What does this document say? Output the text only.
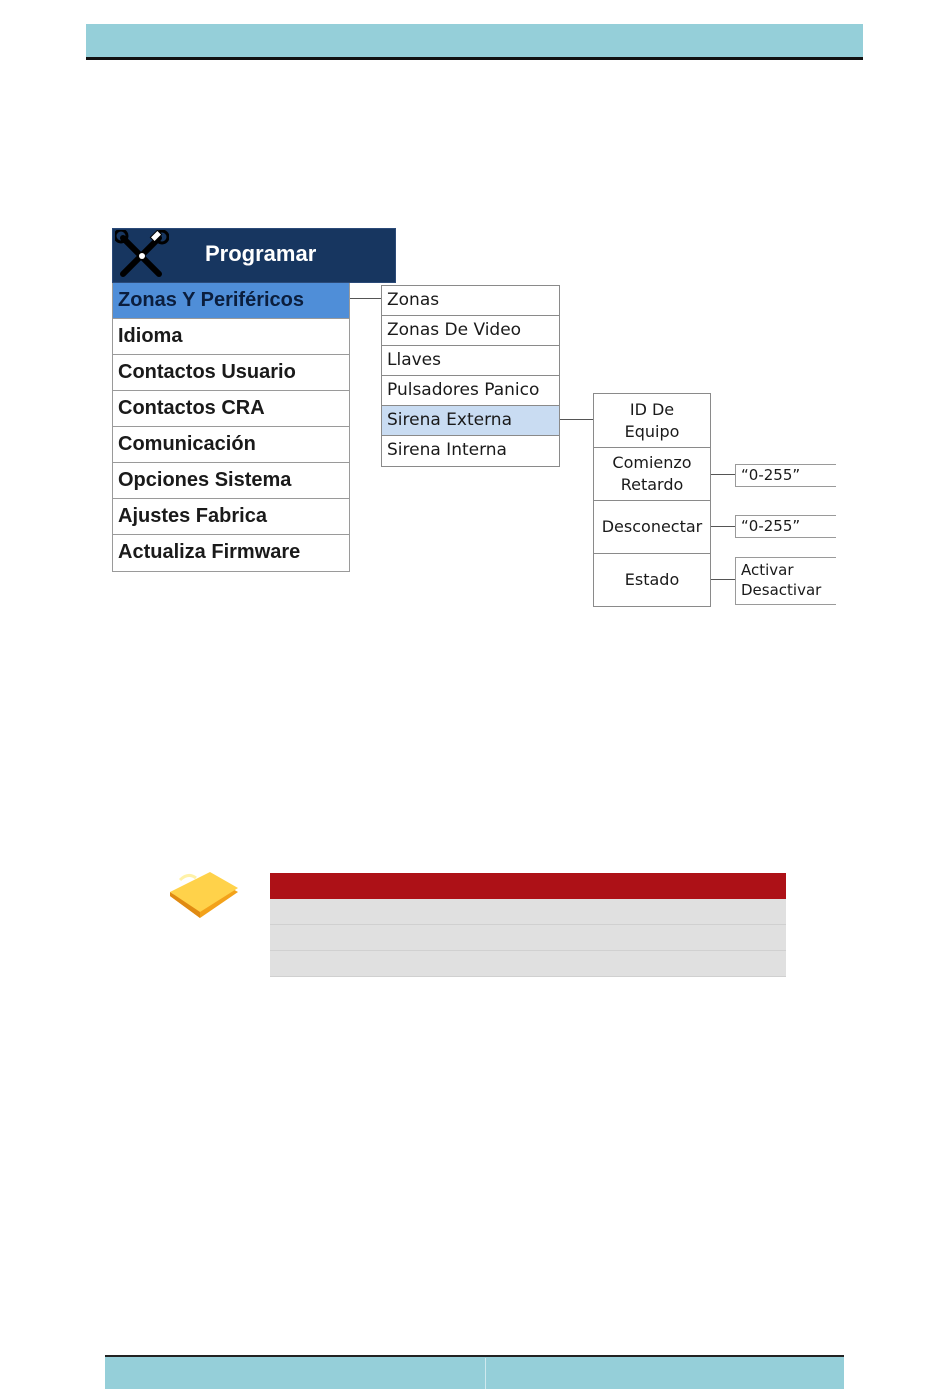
Programar
Zonas Y Periféricos
Idioma
Contactos Usuario
Contactos CRA
Comunicación
Opciones Sistema
Ajustes Fabrica
Actualiza Firmware
Zonas
Zonas De Video
Llaves
Pulsadores Panico
Sirena Externa
Sirena Interna
ID De
Equipo
Comienzo
Retardo
Desconectar
Estado
“0-255”
“0-255”
Activar
Desactivar
